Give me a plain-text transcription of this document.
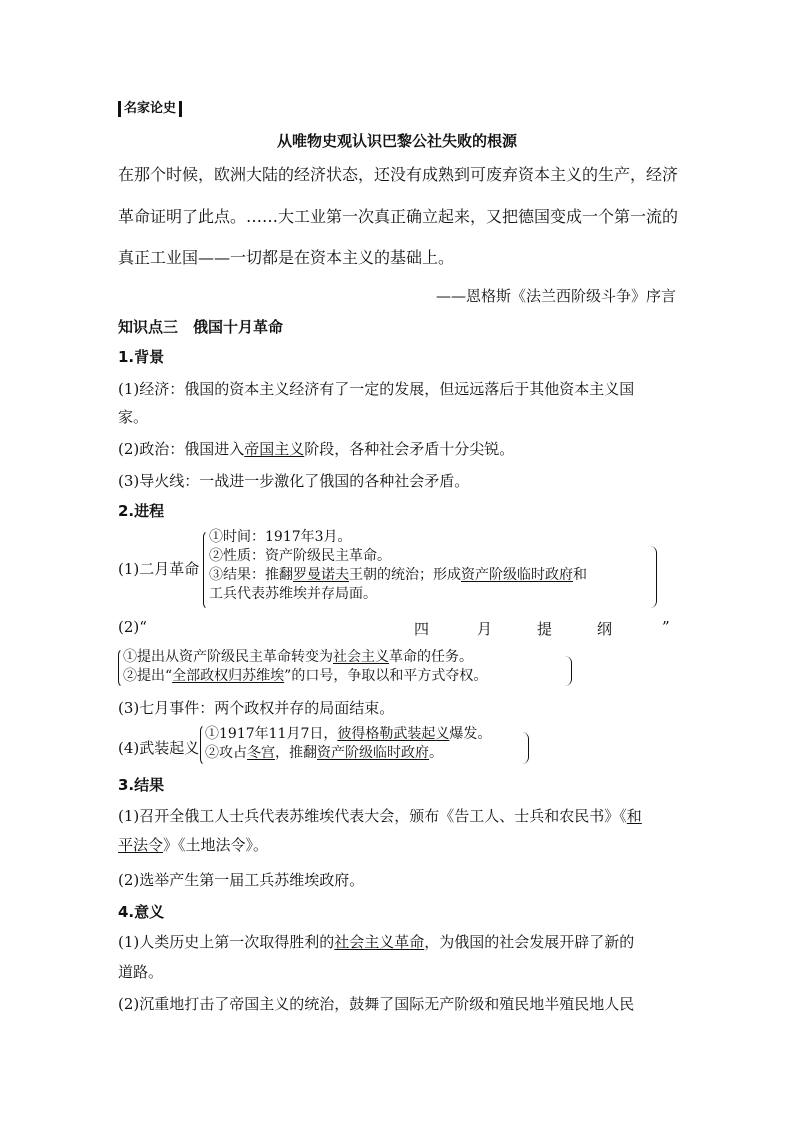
名家论史
从唯物史观认识巴黎公社失败的根源
在那个时候，欧洲大陆的经济状态，还没有成熟到可废弃资本主义的生产，经济
革命证明了此点。……大工业第一次真正确立起来，又把德国变成一个第一流的
真正工业国——一切都是在资本主义的基础上。
——恩格斯《法兰西阶级斗争》序言
知识点三　俄国十月革命
1.背景
(1)经济：俄国的资本主义经济有了一定的发展，但远远落后于其他资本主义国
家。
(2)政治：俄国进入帝国主义阶段，各种社会矛盾十分尖锐。
(3)导火线：一战进一步激化了俄国的各种社会矛盾。
2.进程
(1)二月革命
①时间：1917年3月。
②性质：资产阶级民主革命。
③结果：推翻罗曼诺夫王朝的统治；形成资产阶级临时政府和
工兵代表苏维埃并存局面。
(2)“	四	月	提	纲	”
①提出从资产阶级民主革命转变为社会主义革命的任务。
②提出“全部政权归苏维埃”的口号，争取以和平方式夺权。
(3)七月事件：两个政权并存的局面结束。
(4)武装起义
①1917年11月7日，彼得格勒武装起义爆发。
②攻占冬宫，推翻资产阶级临时政府。
3.结果
(1)召开全俄工人士兵代表苏维埃代表大会，颁布《告工人、士兵和农民书》《和
平法令》《土地法令》。
(2)选举产生第一届工兵苏维埃政府。
4.意义
(1)人类历史上第一次取得胜利的社会主义革命，为俄国的社会发展开辟了新的
道路。
(2)沉重地打击了帝国主义的统治，鼓舞了国际无产阶级和殖民地半殖民地人民
